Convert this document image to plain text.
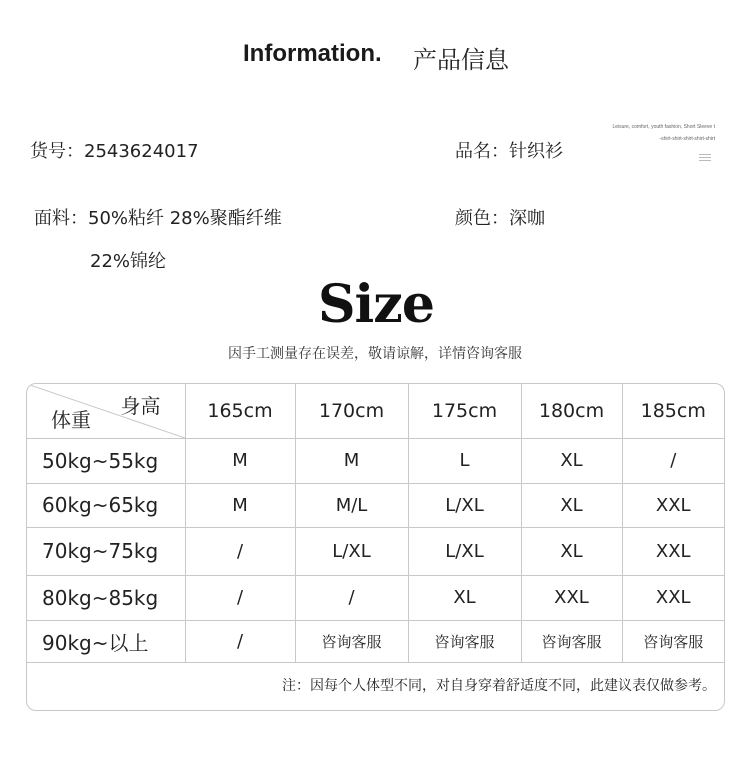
Information. 产品信息
货号：2543624017	品名：针织衫
面料：50%粘纤 28%聚酯纤维
22%锦纶
颜色：深咖
Leisure, comfort, youth fashion, Short Sleeve t
-shirt-shirt-shirt-shirt-shirt
Size
因手工测量存在误差，敬请谅解，详情咨询客服
身高
体重	165cm	170cm	175cm	180cm	185cm
50kg~55kg	M	M	L	XL	/
60kg~65kg	M	M/L	L/XL	XL	XXL
70kg~75kg	/	L/XL	L/XL	XL	XXL
80kg~85kg	/	/	XL	XXL	XXL
90kg~以上	/	咨询客服	咨询客服	咨询客服	咨询客服
注：因每个人体型不同，对自身穿着舒适度不同，此建议表仅做参考。					
